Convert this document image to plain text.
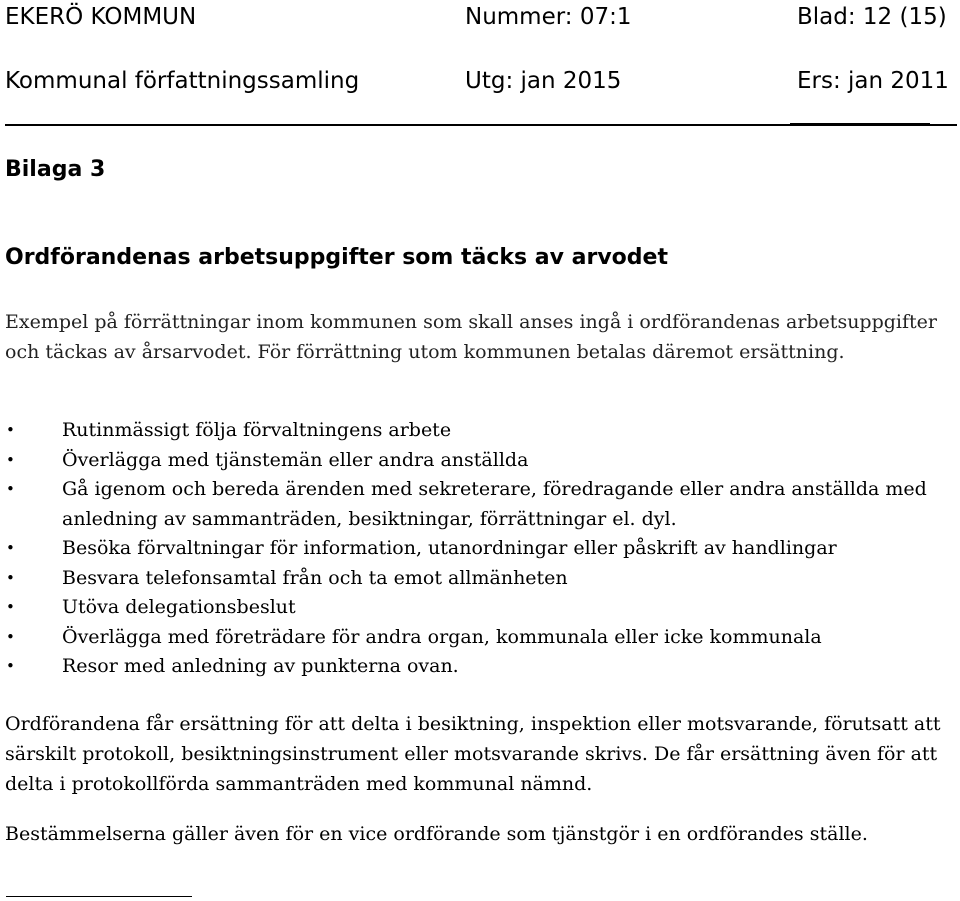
EKERÖ KOMMUN	Nummer: 07:1	Blad: 12 (15)
Kommunal författningssamling	Utg: jan 2015	Ers: jan 2011
Bilaga 3
Ordförandenas arbetsuppgifter som täcks av arvodet
Exempel på förrättningar inom kommunen som skall anses ingå i ordförandenas arbetsuppgifter och täckas av årsarvodet. För förrättning utom kommunen betalas däremot ersättning.
• Rutinmässigt följa förvaltningens arbete
• Överlägga med tjänstemän eller andra anställda
• Gå igenom och bereda ärenden med sekreterare, föredragande eller andra anställda med anledning av sammanträden, besiktningar, förrättningar el. dyl.
• Besöka förvaltningar för information, utanordningar eller påskrift av handlingar
• Besvara telefonsamtal från och ta emot allmänheten
• Utöva delegationsbeslut
• Överlägga med företrädare för andra organ, kommunala eller icke kommunala
• Resor med anledning av punkterna ovan.
Ordförandena får ersättning för att delta i besiktning, inspektion eller motsvarande, förutsatt att särskilt protokoll, besiktningsinstrument eller motsvarande skrivs. De får ersättning även för att delta i protokollförda sammanträden med kommunal nämnd.
Bestämmelserna gäller även för en vice ordförande som tjänstgör i en ordförandes ställe.
